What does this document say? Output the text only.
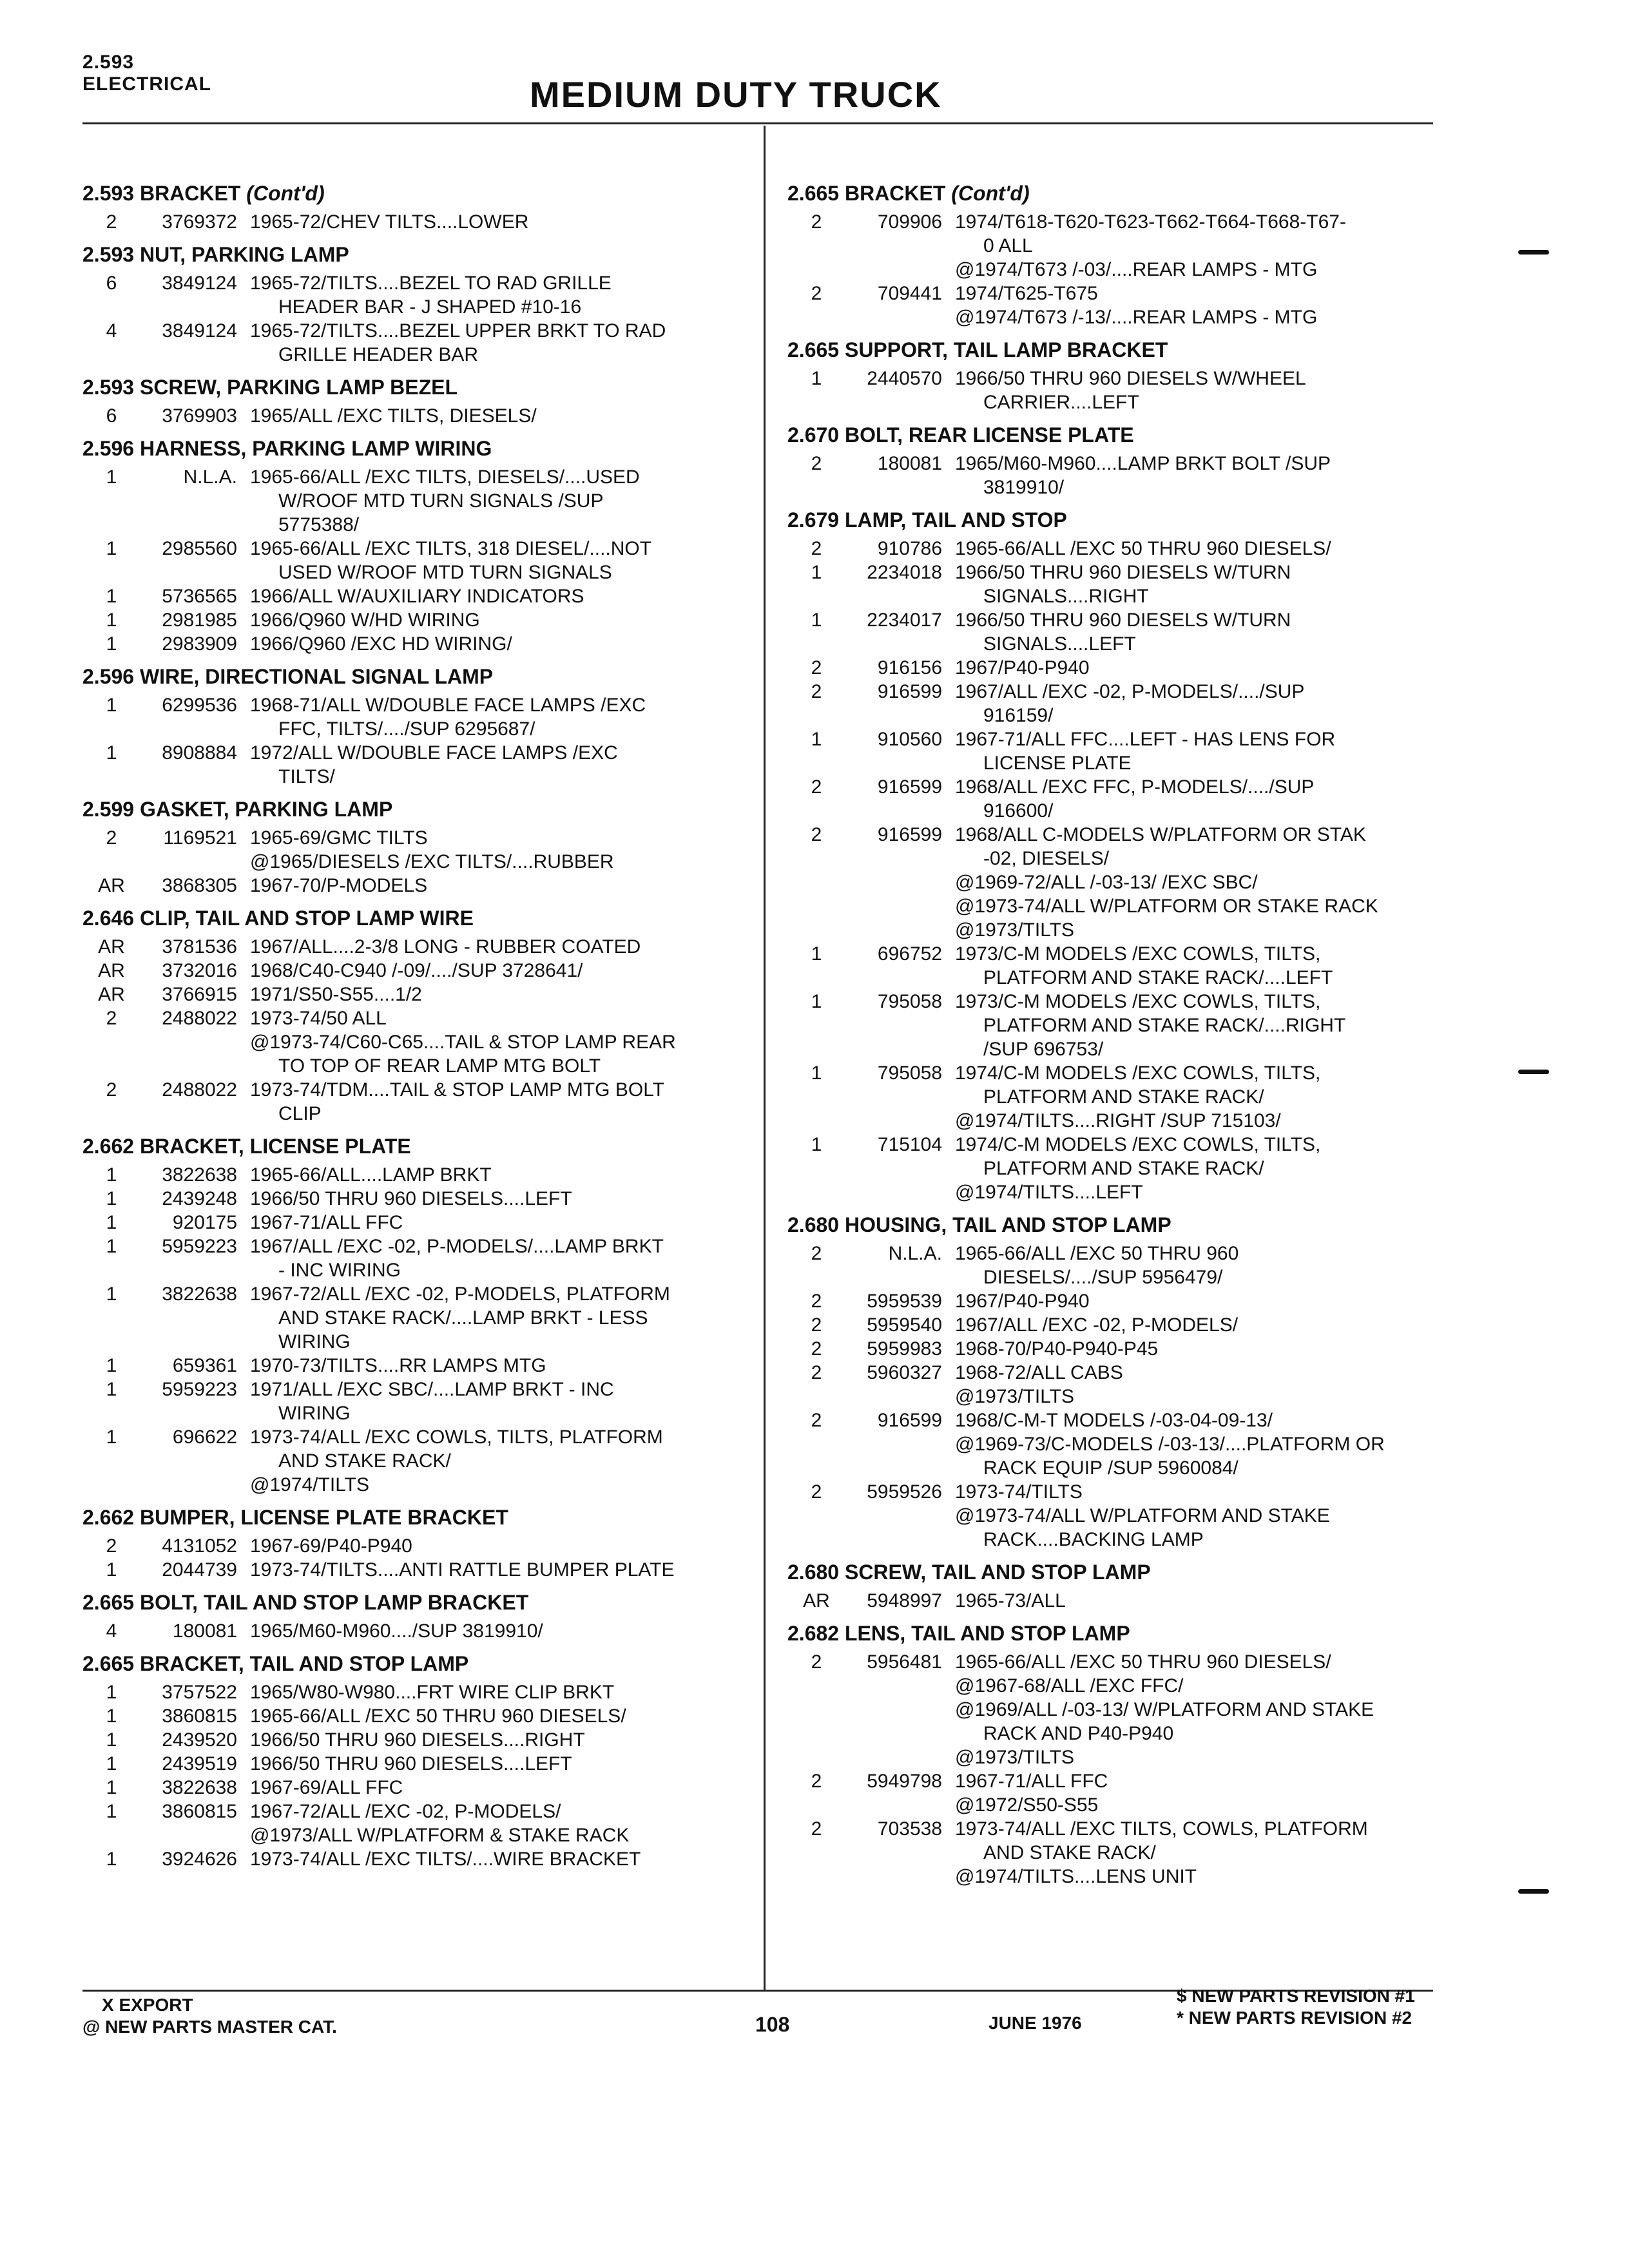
2.593
ELECTRICAL	MEDIUM DUTY TRUCK
2.593 BRACKET (Cont'd)
2	3769372 1965-72/CHEV TILTS....LOWER
2.593 NUT, PARKING LAMP
6	3849124 1965-72/TILTS....BEZEL TO RAD GRILLE
HEADER BAR - J SHAPED #10-16
4	3849124 1965-72/TILTS....BEZEL UPPER BRKT TO RAD
GRILLE HEADER BAR
2.593 SCREW, PARKING LAMP BEZEL
6	3769903 1965/ALL /EXC TILTS, DIESELS/
2.596 HARNESS, PARKING LAMP WIRING
1	N.L.A. 1965-66/ALL /EXC TILTS, DIESELS/....USED
W/ROOF MTD TURN SIGNALS /SUP
5775388/
1	2985560 1965-66/ALL /EXC TILTS, 318 DIESEL/....NOT
USED W/ROOF MTD TURN SIGNALS
1	5736565 1966/ALL W/AUXILIARY INDICATORS
1	2981985 1966/Q960 W/HD WIRING
1	2983909 1966/Q960 /EXC HD WIRING/
2.596 WIRE, DIRECTIONAL SIGNAL LAMP
1	6299536 1968-71/ALL W/DOUBLE FACE LAMPS /EXC
FFC, TILTS/..../SUP 6295687/
1	8908884 1972/ALL W/DOUBLE FACE LAMPS /EXC
TILTS/
2.599 GASKET, PARKING LAMP
2	1169521 1965-69/GMC TILTS
@1965/DIESELS /EXC TILTS/....RUBBER
AR	3868305 1967-70/P-MODELS
2.646 CLIP, TAIL AND STOP LAMP WIRE
AR	3781536 1967/ALL....2-3/8 LONG - RUBBER COATED
AR	3732016 1968/C40-C940 /-09/..../SUP 3728641/
AR	3766915 1971/S50-S55....1/2
2	2488022 1973-74/50 ALL
@1973-74/C60-C65....TAIL & STOP LAMP REAR
TO TOP OF REAR LAMP MTG BOLT
2	2488022 1973-74/TDM....TAIL & STOP LAMP MTG BOLT
CLIP
2.662 BRACKET, LICENSE PLATE
1	3822638 1965-66/ALL....LAMP BRKT
1	2439248 1966/50 THRU 960 DIESELS....LEFT
1	920175 1967-71/ALL FFC
1	5959223 1967/ALL /EXC -02, P-MODELS/....LAMP BRKT
- INC WIRING
1	3822638 1967-72/ALL /EXC -02, P-MODELS, PLATFORM
AND STAKE RACK/....LAMP BRKT - LESS
WIRING
1	659361 1970-73/TILTS....RR LAMPS MTG
1	5959223 1971/ALL /EXC SBC/....LAMP BRKT - INC
WIRING
1	696622 1973-74/ALL /EXC COWLS, TILTS, PLATFORM
AND STAKE RACK/
@1974/TILTS
2.662 BUMPER, LICENSE PLATE BRACKET
2	4131052 1967-69/P40-P940
1	2044739 1973-74/TILTS....ANTI RATTLE BUMPER PLATE
2.665 BOLT, TAIL AND STOP LAMP BRACKET
4	180081 1965/M60-M960..../SUP 3819910/
2.665 BRACKET, TAIL AND STOP LAMP
1	3757522 1965/W80-W980....FRT WIRE CLIP BRKT
1	3860815 1965-66/ALL /EXC 50 THRU 960 DIESELS/
1	2439520 1966/50 THRU 960 DIESELS....RIGHT
1	2439519 1966/50 THRU 960 DIESELS....LEFT
1	3822638 1967-69/ALL FFC
1	3860815 1967-72/ALL /EXC -02, P-MODELS/
@1973/ALL W/PLATFORM & STAKE RACK
1	3924626 1973-74/ALL /EXC TILTS/....WIRE BRACKET
2.665 BRACKET (Cont'd)
2	709906 1974/T618-T620-T623-T662-T664-T668-T67-
0 ALL
@1974/T673 /-03/....REAR LAMPS - MTG
2	709441 1974/T625-T675
@1974/T673 /-13/....REAR LAMPS - MTG
2.665 SUPPORT, TAIL LAMP BRACKET
1	2440570 1966/50 THRU 960 DIESELS W/WHEEL
CARRIER....LEFT
2.670 BOLT, REAR LICENSE PLATE
2	180081 1965/M60-M960....LAMP BRKT BOLT /SUP
3819910/
2.679 LAMP, TAIL AND STOP
2	910786 1965-66/ALL /EXC 50 THRU 960 DIESELS/
1	2234018 1966/50 THRU 960 DIESELS W/TURN
SIGNALS....RIGHT
1	2234017 1966/50 THRU 960 DIESELS W/TURN
SIGNALS....LEFT
2	916156 1967/P40-P940
2	916599 1967/ALL /EXC -02, P-MODELS/..../SUP
916159/
1	910560 1967-71/ALL FFC....LEFT - HAS LENS FOR
LICENSE PLATE
2	916599 1968/ALL /EXC FFC, P-MODELS/..../SUP
916600/
2	916599 1968/ALL C-MODELS W/PLATFORM OR STAK
-02, DIESELS/
@1969-72/ALL /-03-13/ /EXC SBC/
@1973-74/ALL W/PLATFORM OR STAKE RACK
@1973/TILTS
1	696752 1973/C-M MODELS /EXC COWLS, TILTS,
PLATFORM AND STAKE RACK/....LEFT
1	795058 1973/C-M MODELS /EXC COWLS, TILTS,
PLATFORM AND STAKE RACK/....RIGHT
/SUP 696753/
1	795058 1974/C-M MODELS /EXC COWLS, TILTS,
PLATFORM AND STAKE RACK/
@1974/TILTS....RIGHT /SUP 715103/
1	715104 1974/C-M MODELS /EXC COWLS, TILTS,
PLATFORM AND STAKE RACK/
@1974/TILTS....LEFT
2.680 HOUSING, TAIL AND STOP LAMP
2	N.L.A. 1965-66/ALL /EXC 50 THRU 960
DIESELS/..../SUP 5956479/
2	5959539 1967/P40-P940
2	5959540 1967/ALL /EXC -02, P-MODELS/
2	5959983 1968-70/P40-P940-P45
2	5960327 1968-72/ALL CABS
@1973/TILTS
2	916599 1968/C-M-T MODELS /-03-04-09-13/
@1969-73/C-MODELS /-03-13/....PLATFORM OR
RACK EQUIP /SUP 5960084/
2	5959526 1973-74/TILTS
@1973-74/ALL W/PLATFORM AND STAKE
RACK....BACKING LAMP
2.680 SCREW, TAIL AND STOP LAMP
AR	5948997 1965-73/ALL
2.682 LENS, TAIL AND STOP LAMP
2	5956481 1965-66/ALL /EXC 50 THRU 960 DIESELS/
@1967-68/ALL /EXC FFC/
@1969/ALL /-03-13/ W/PLATFORM AND STAKE
RACK AND P40-P940
@1973/TILTS
2	5949798 1967-71/ALL FFC
@1972/S50-S55
2	703538 1973-74/ALL /EXC TILTS, COWLS, PLATFORM
AND STAKE RACK/
@1974/TILTS....LENS UNIT
X EXPORT
@ NEW PARTS MASTER CAT.	108	JUNE 1976
$ NEW PARTS REVISION #1
* NEW PARTS REVISION #2
